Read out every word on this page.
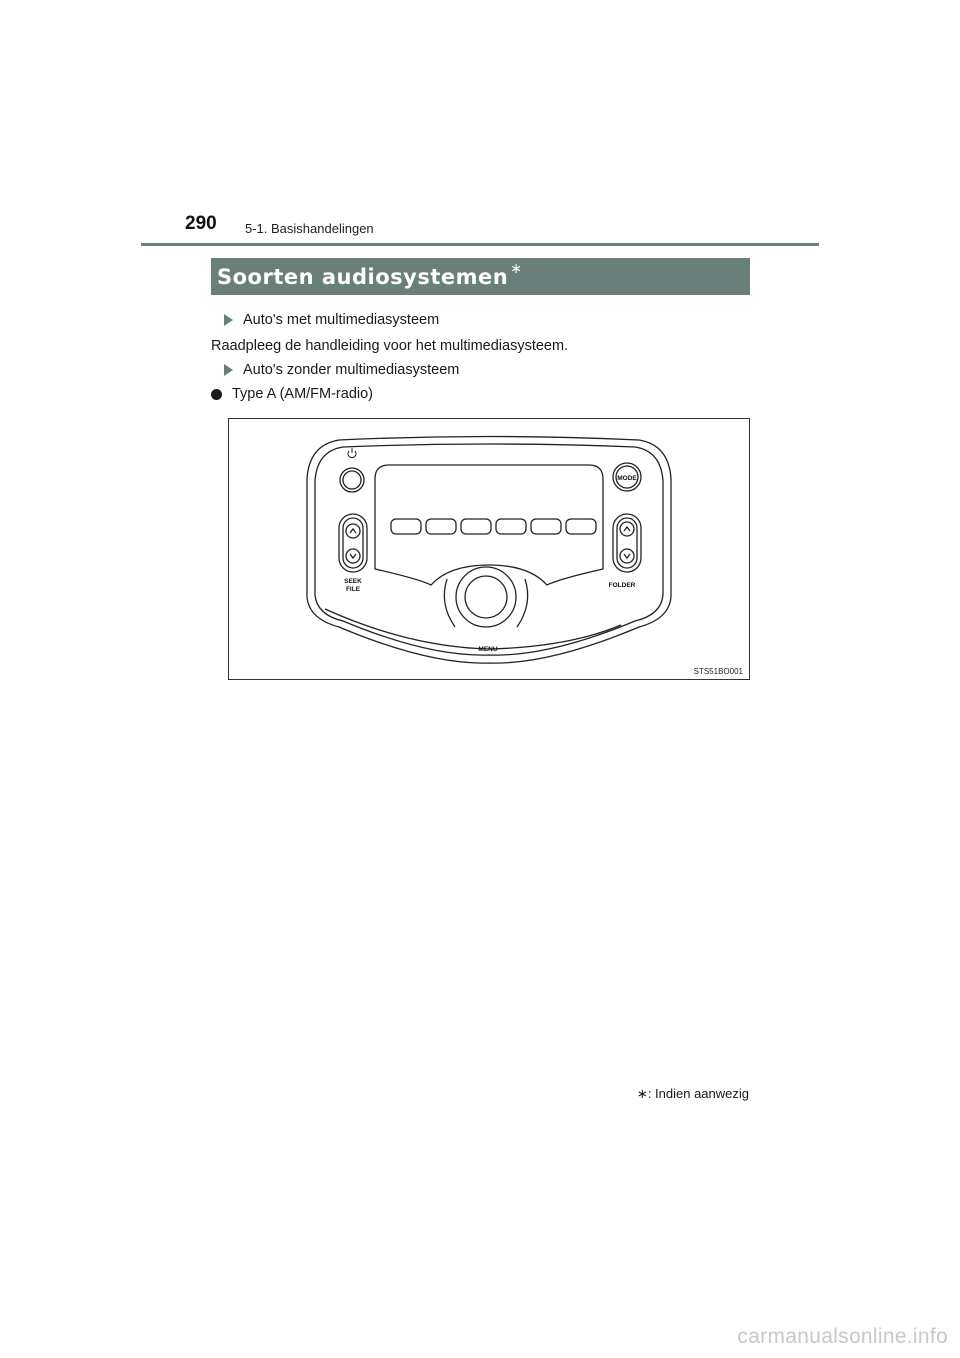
290 5-1. Basishandelingen
Soorten audiosystemen ∗
Auto's met multimediasysteem
Raadpleeg de handleiding voor het multimediasysteem.
Auto's zonder multimediasysteem
Type A (AM/FM-radio)
MODE
SEEK
FILE
FOLDER
MENU
STS51BO001
∗: Indien aanwezig
carmanualsonline.info
